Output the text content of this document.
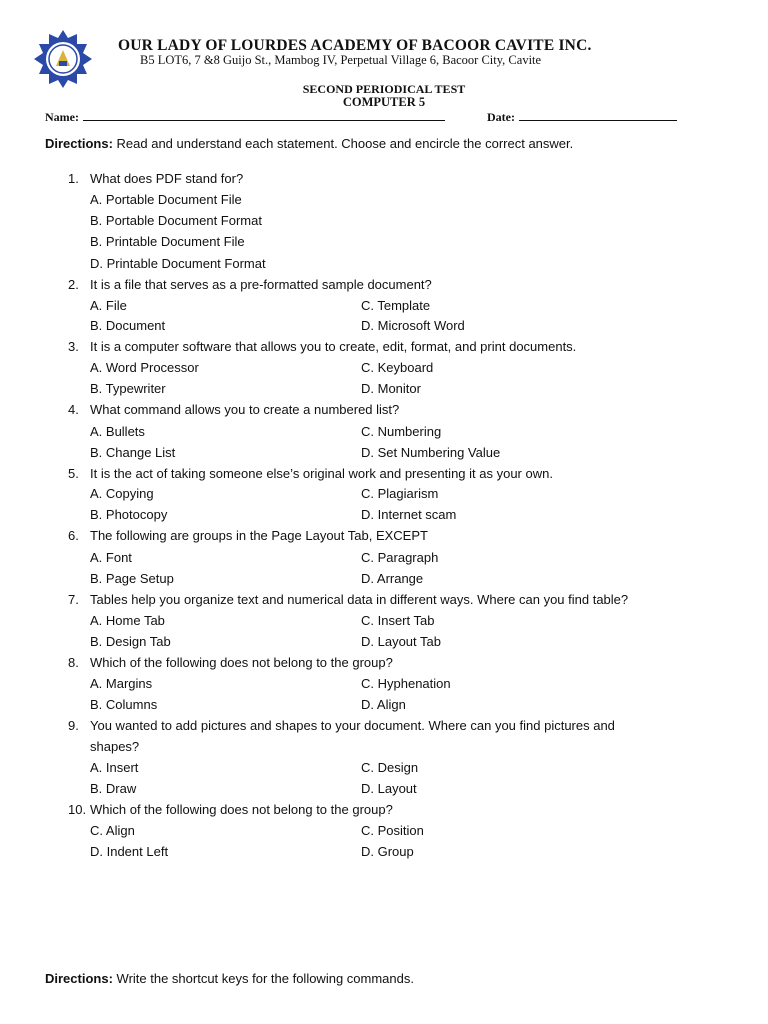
OUR LADY OF LOURDES ACADEMY OF BACOOR CAVITE INC.
B5 LOT6, 7 &8 Guijo St., Mambog IV, Perpetual Village 6, Bacoor City, Cavite
SECOND PERIODICAL TEST
COMPUTER 5
Name:	Date:
Directions: Read and understand each statement. Choose and encircle the correct answer.
1. What does PDF stand for?
A. Portable Document File
B. Portable Document Format
B. Printable Document File
D. Printable Document Format
2. It is a file that serves as a pre-formatted sample document?
A. File	C. Template
B. Document	D. Microsoft Word
3. It is a computer software that allows you to create, edit, format, and print documents.
A. Word Processor	C. Keyboard
B. Typewriter	D. Monitor
4. What command allows you to create a numbered list?
A. Bullets	C. Numbering
B. Change List	D. Set Numbering Value
5. It is the act of taking someone else’s original work and presenting it as your own.
A. Copying	C. Plagiarism
B. Photocopy	D. Internet scam
6. The following are groups in the Page Layout Tab, EXCEPT
A. Font	C. Paragraph
B. Page Setup	D. Arrange
7. Tables help you organize text and numerical data in different ways. Where can you find table?
A. Home Tab	C. Insert Tab
B. Design Tab	D. Layout Tab
8. Which of the following does not belong to the group?
A. Margins	C. Hyphenation
B. Columns	D. Align
9. You wanted to add pictures and shapes to your document. Where can you find pictures and
shapes?
A. Insert	C. Design
B. Draw	D. Layout
10. Which of the following does not belong to the group?
C. Align	C. Position
D. Indent Left	D. Group
Directions: Write the shortcut keys for the following commands.
